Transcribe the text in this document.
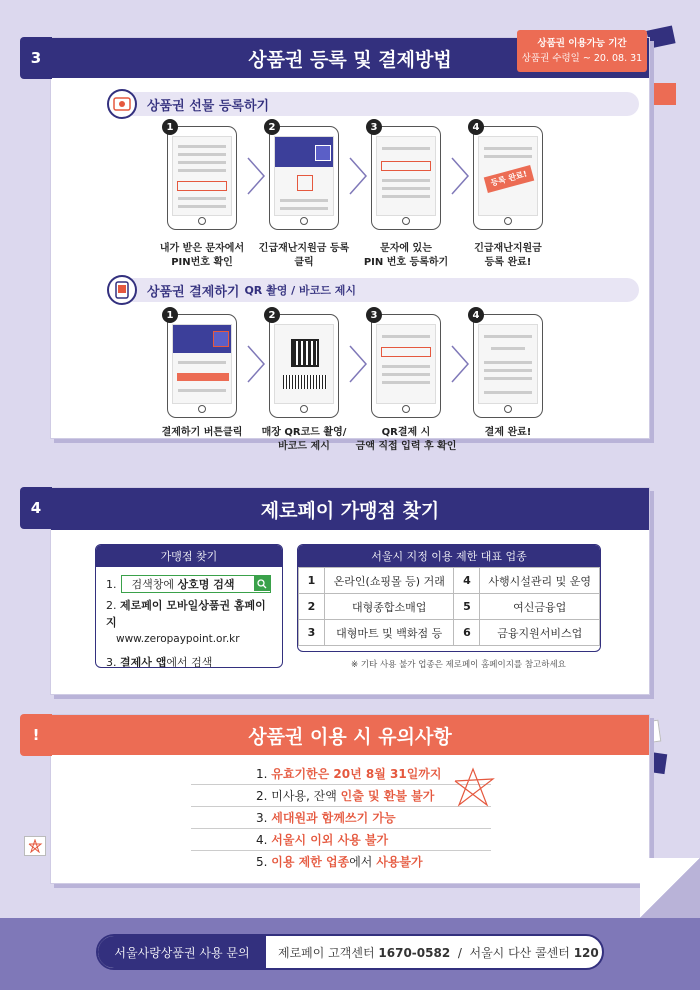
상품권 등록 및 결제방법
상품권 이용가능 기간
상품권 수령일 ~ 20. 08. 31
상품권 선물 등록하기
1	2	3	4
등록 완료!
내가 받은 문자에서
PIN번호 확인
긴급재난지원금 등록
클릭
문자에 있는
PIN 번호 등록하기
긴급재난지원금
등록 완료!
상품권 결제하기 QR 촬영 / 바코드 제시
1	2	3	4
결제하기 버튼클릭	매장 QR코드 촬영/
바코드 제시
QR결제 시
금액 직접 입력 후 확인
결제 완료!
3
제로페이 가맹점 찾기
가맹점 찾기
1. 검색창에
상호명 검색
2. 제로페이 모바일상품권 홈페이지
www.zeropaypoint.or.kr
3. 결제사 앱에서 검색
서울시 지정 이용 제한 대표 업종
1	온라인(쇼핑몰 등) 거래	4	사행시설관리 및 운영
2	대형종합소매업	5	여신금융업
3	대형마트 및 백화점 등	6	금융지원서비스업
※ 기타 사용 불가 업종은 제로페이 홈페이지를 참고하세요
4
상품권 이용 시 유의사항
1. 유효기한은 20년 8월 31일까지
2. 미사용, 잔액 인출 및 환불 불가
3. 세대원과 함께쓰기 가능
4. 서울시 이외 사용 불가
5. 이용 제한 업종에서 사용불가
!
서울사랑상품권 사용 문의	제로페이 고객센터 1670-0582 / 서울시 다산 콜센터 120
